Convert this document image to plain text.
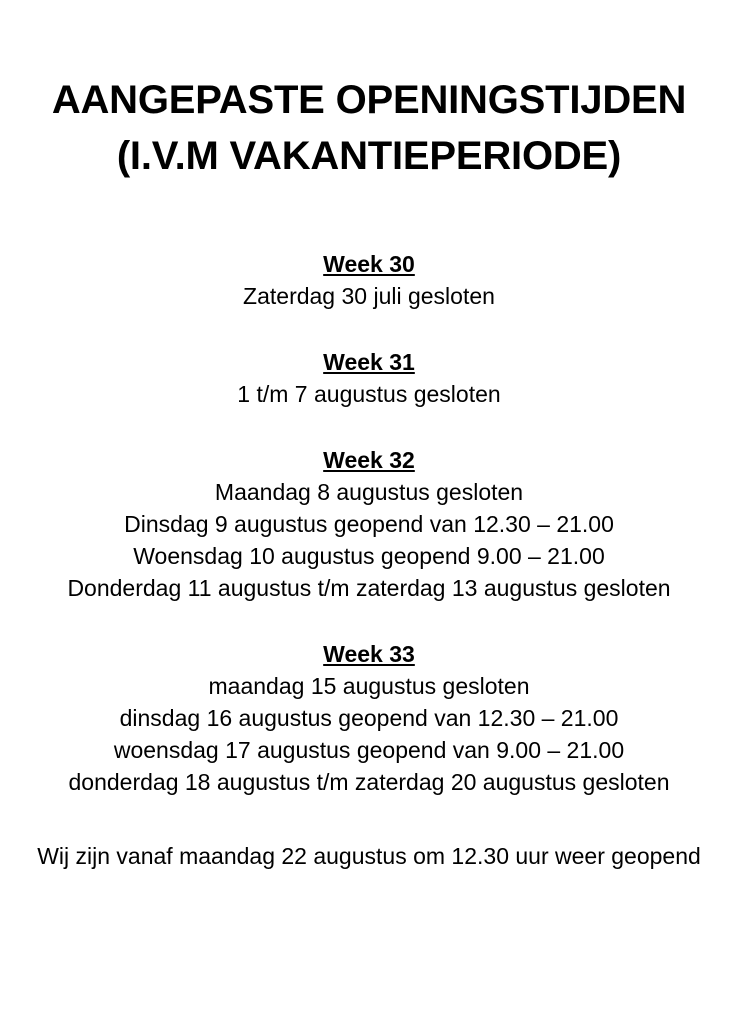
AANGEPASTE OPENINGSTIJDEN
(I.V.M VAKANTIEPERIODE)
Week 30
Zaterdag 30 juli gesloten
Week 31
1 t/m 7 augustus gesloten
Week 32
Maandag 8 augustus gesloten
Dinsdag 9 augustus geopend van 12.30 – 21.00
Woensdag 10 augustus geopend 9.00 – 21.00
Donderdag 11 augustus t/m zaterdag 13 augustus gesloten
Week 33
maandag 15 augustus gesloten
dinsdag 16 augustus geopend van 12.30 – 21.00
woensdag 17 augustus geopend van 9.00 – 21.00
donderdag 18 augustus t/m zaterdag 20 augustus gesloten
Wij zijn vanaf maandag 22 augustus om 12.30 uur weer geopend
